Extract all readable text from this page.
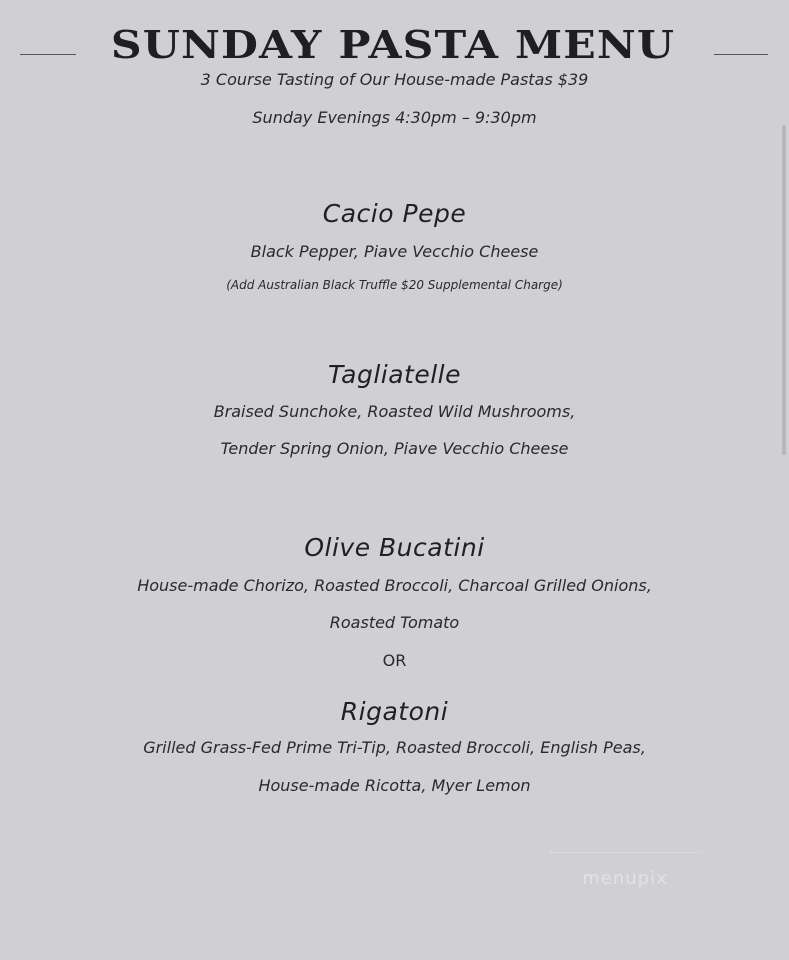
SUNDAY PASTA MENU
3 Course Tasting of Our House-made Pastas $39
Sunday Evenings 4:30pm – 9:30pm
Cacio Pepe
Black Pepper, Piave Vecchio Cheese
(Add Australian Black Truffle $20 Supplemental Charge)
Tagliatelle
Braised Sunchoke, Roasted Wild Mushrooms,
Tender Spring Onion, Piave Vecchio Cheese
Olive Bucatini
House-made Chorizo, Roasted Broccoli, Charcoal Grilled Onions,
Roasted Tomato
OR
Rigatoni
Grilled Grass-Fed Prime Tri-Tip, Roasted Broccoli, English Peas,
House-made Ricotta, Myer Lemon
menupix
